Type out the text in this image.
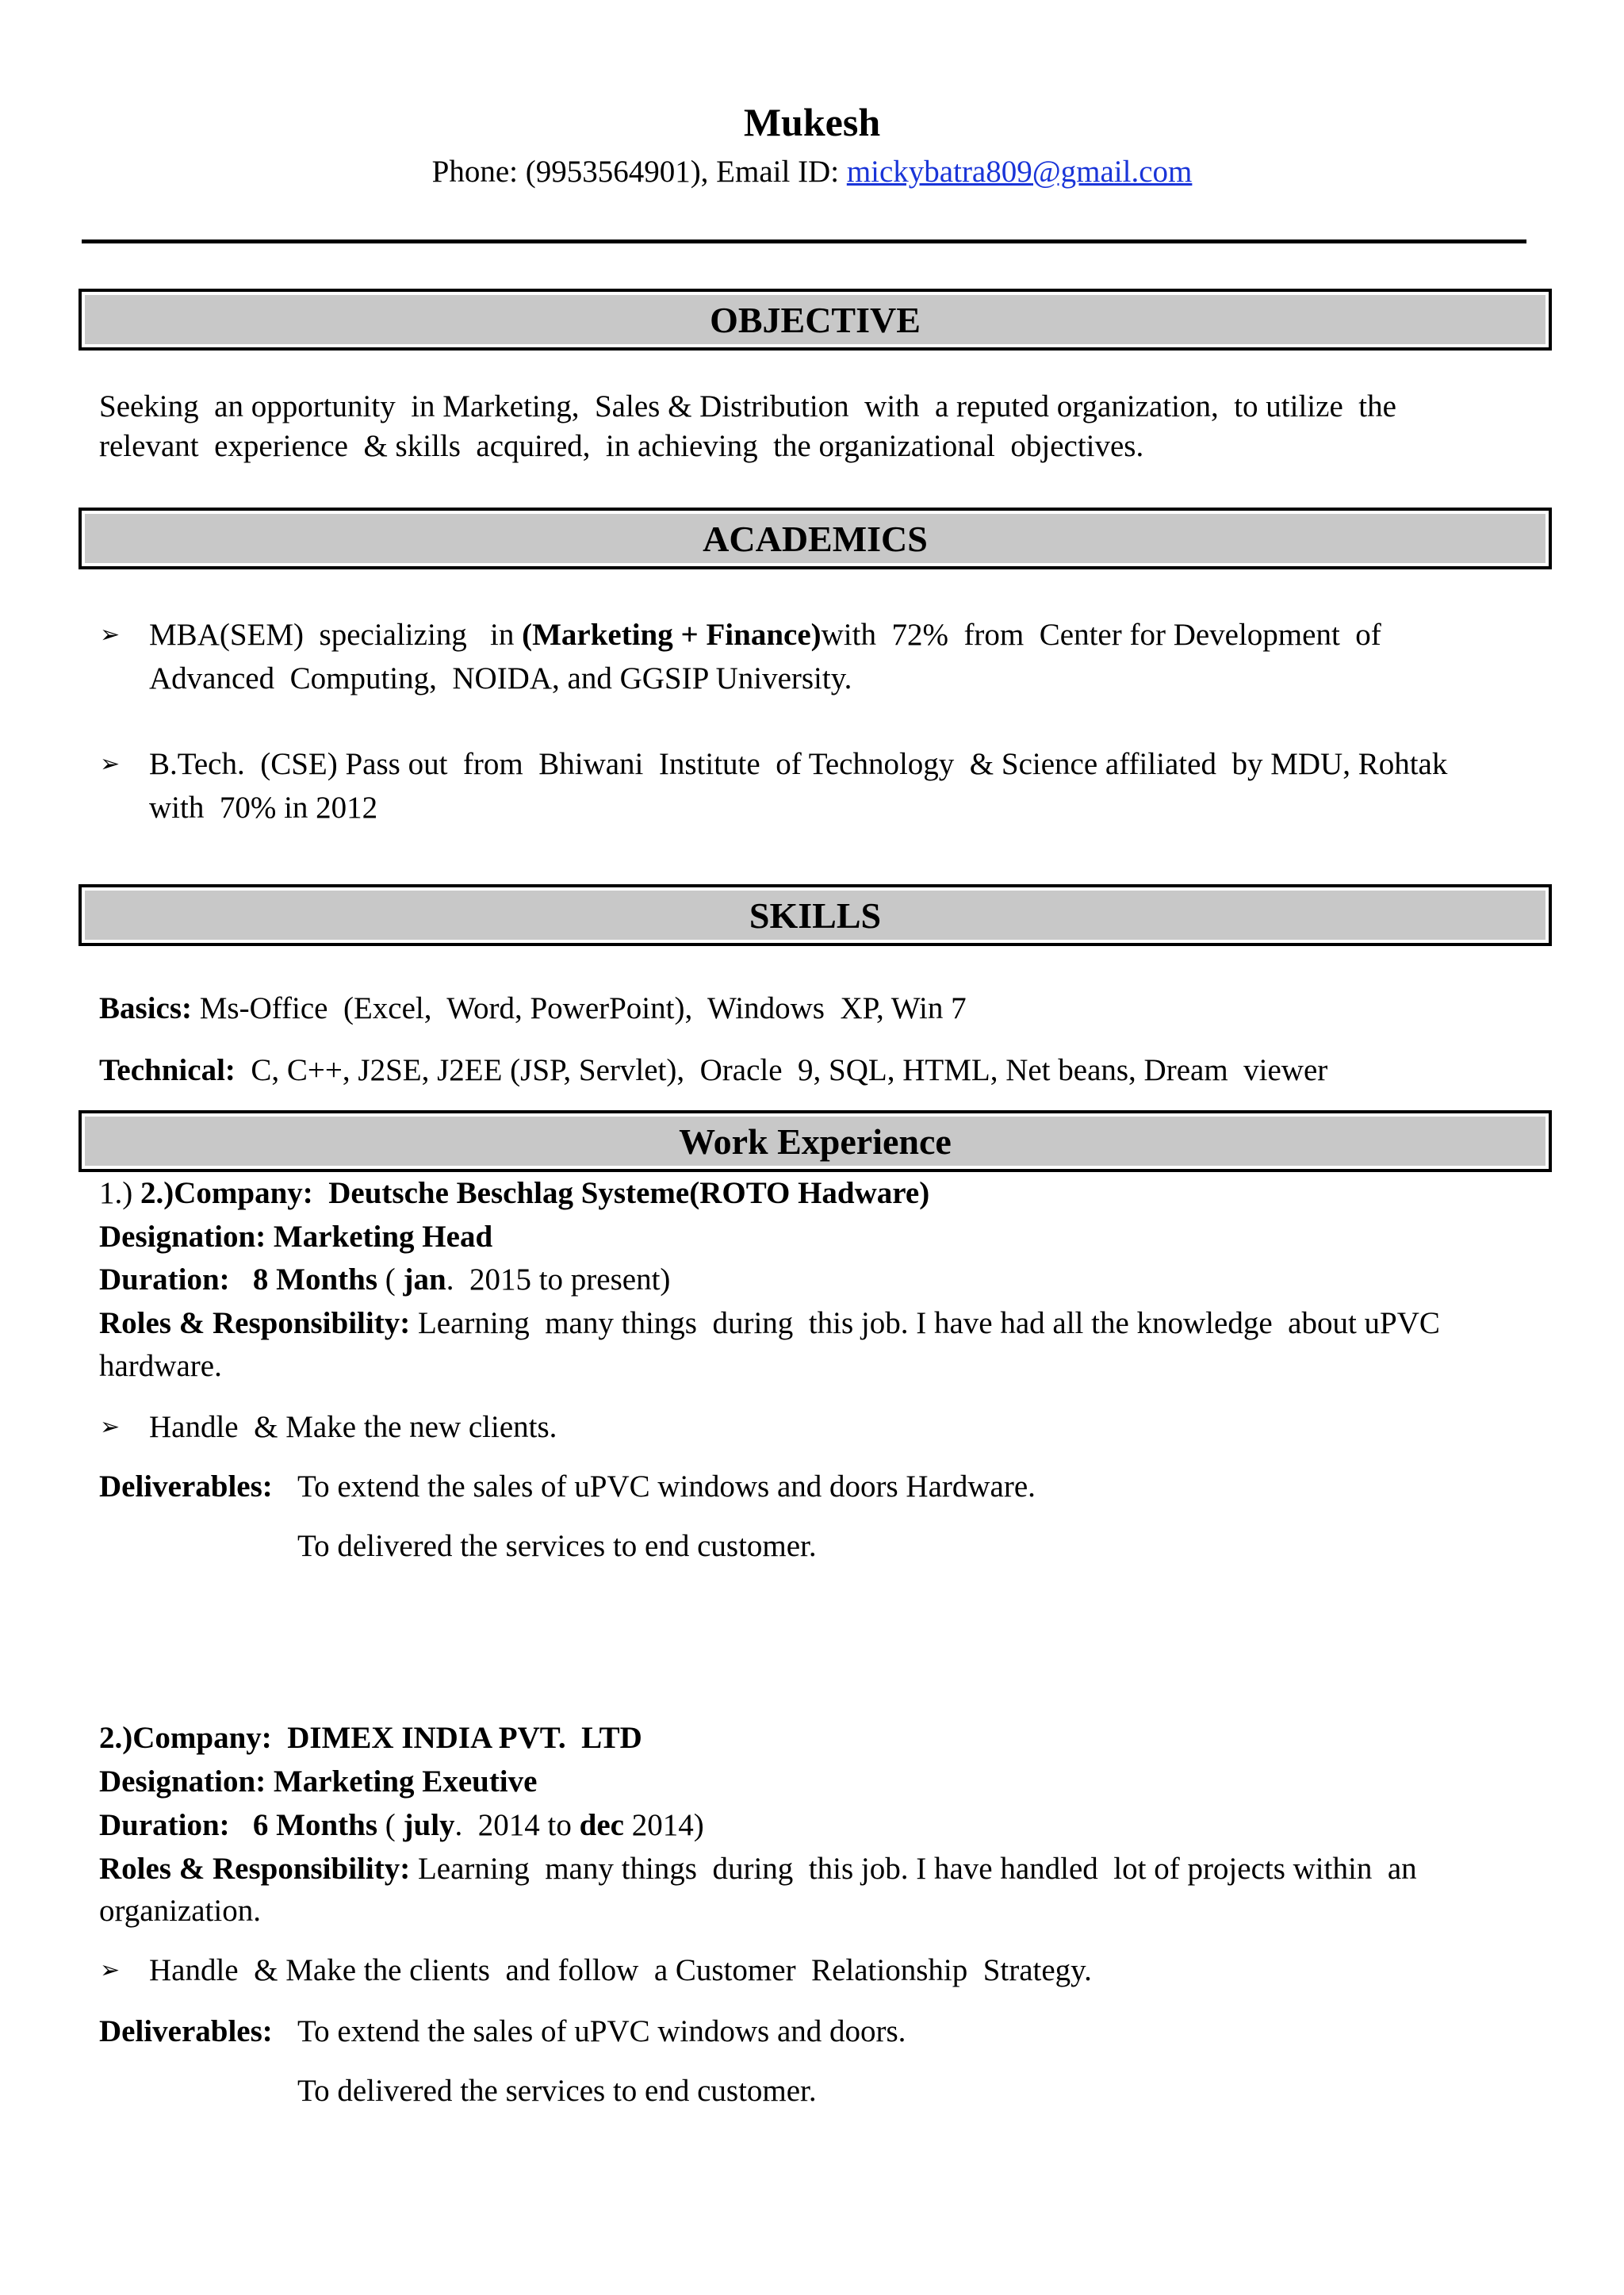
Mukesh
Phone: (9953564901), Email ID: mickybatra809@gmail.com
OBJECTIVE
Seeking  an opportunity  in Marketing,  Sales & Distribution  with  a reputed organization,  to utilize  the
relevant  experience  & skills  acquired,  in achieving  the organizational  objectives.
ACADEMICS
➢ MBA(SEM)  specializing   in (Marketing + Finance)with  72%  from  Center for Development  of
Advanced  Computing,  NOIDA, and GGSIP University.
➢ B.Tech.  (CSE) Pass out  from  Bhiwani  Institute  of Technology  & Science affiliated  by MDU, Rohtak
with  70% in 2012
SKILLS
Basics: Ms-Office  (Excel,  Word, PowerPoint),  Windows  XP, Win 7
Technical:  C, C++, J2SE, J2EE (JSP, Servlet),  Oracle  9, SQL, HTML, Net beans, Dream  viewer
Work Experience
1.) 2.)Company:  Deutsche Beschlag Systeme(ROTO Hadware)
Designation: Marketing Head
Duration:   8 Months ( jan.  2015 to present)
Roles & Responsibility: Learning  many things  during  this job. I have had all the knowledge  about uPVC
hardware.
➢ Handle  & Make the new clients.
Deliverables: To extend the sales of uPVC windows and doors Hardware.
To delivered the services to end customer.
2.)Company:  DIMEX INDIA PVT.  LTD
Designation: Marketing Exeutive
Duration:   6 Months ( july.  2014 to dec 2014)
Roles & Responsibility: Learning  many things  during  this job. I have handled  lot of projects within  an
organization.
➢ Handle  & Make the clients  and follow  a Customer  Relationship  Strategy.
Deliverables: To extend the sales of uPVC windows and doors.
To delivered the services to end customer.
